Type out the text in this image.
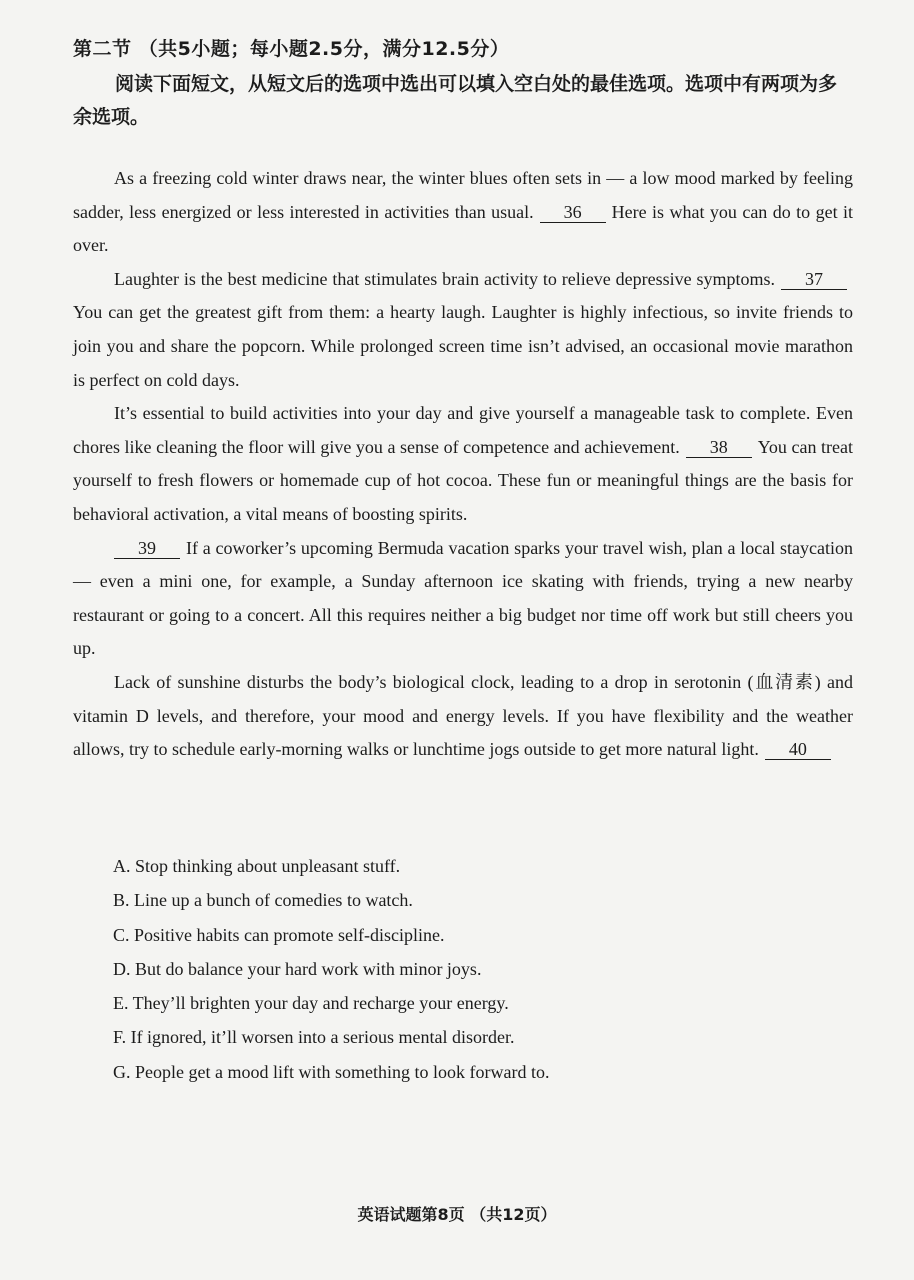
第二节 （共5小题；每小题2.5分，满分12.5分）
阅读下面短文，从短文后的选项中选出可以填入空白处的最佳选项。选项中有两项为多余选项。

As a freezing cold winter draws near, the winter blues often sets in — a low mood marked by feeling sadder, less energized or less interested in activities than usual. 36 Here is what you can do to get it over.

Laughter is the best medicine that stimulates brain activity to relieve depressive symptoms. 37You can get the greatest gift from them: a hearty laugh. Laughter is highly infectious, so invite friends to join you and share the popcorn. While prolonged screen time isn’t advised, an occasional movie marathon is perfect on cold days.

It’s essential to build activities into your day and give yourself a manageable task to complete. Even chores like cleaning the floor will give you a sense of competence and achievement. 38 You can treat yourself to fresh flowers or homemade cup of hot cocoa. These fun or meaningful things are the basis for behavioral activation, a vital means of boosting spirits.

39 If a coworker’s upcoming Bermuda vacation sparks your travel wish, plan a local staycation — even a mini one, for example, a Sunday afternoon ice skating with friends, trying a new nearby restaurant or going to a concert. All this requires neither a big budget nor time off work but still cheers you up.

Lack of sunshine disturbs the body’s biological clock, leading to a drop in serotonin (血清素) and vitamin D levels, and therefore, your mood and energy levels. If you have flexibility and the weather allows, try to schedule early-morning walks or lunchtime jogs outside to get more natural light. 40

A. Stop thinking about unpleasant stuff.
B. Line up a bunch of comedies to watch.
C. Positive habits can promote self-discipline.
D. But do balance your hard work with minor joys.
E. They’ll brighten your day and recharge your energy.
F. If ignored, it’ll worsen into a serious mental disorder.
G. People get a mood lift with something to look forward to.
英语试题第8页 （共12页）
